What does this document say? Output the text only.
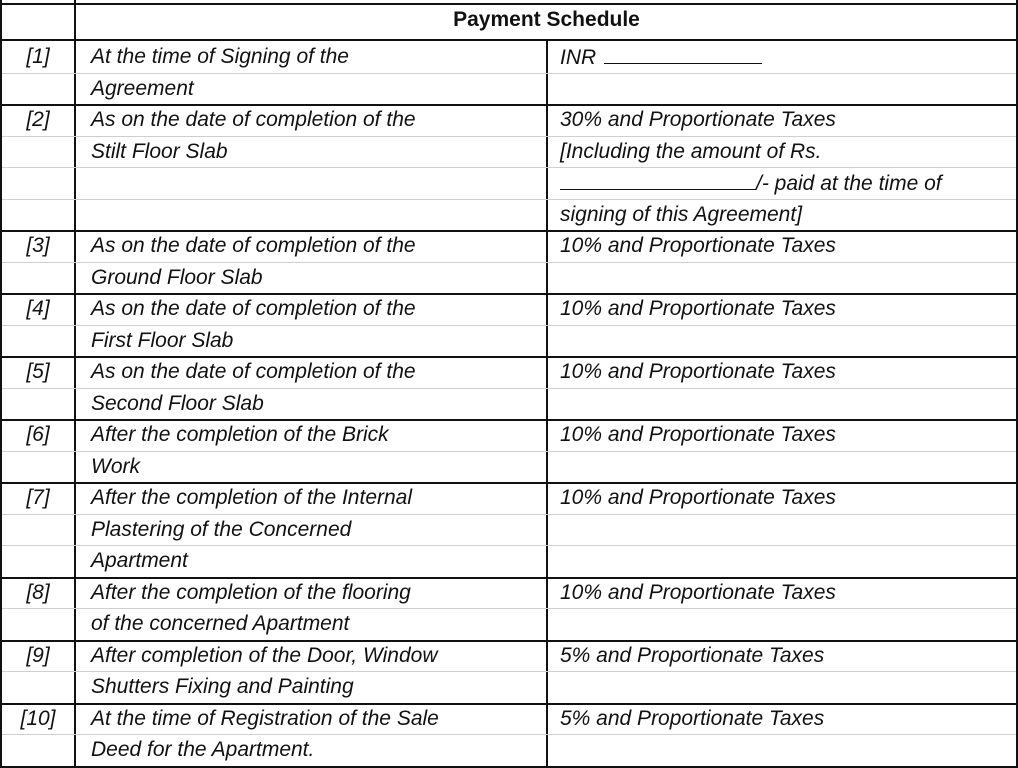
Payment Schedule
[1]	At the time of Signing of the
Agreement
INR
[2]	As on the date of completion of the
Stilt Floor Slab
30% and Proportionate Taxes
[Including the amount of Rs.
/- paid at the time of
signing of this Agreement]
[3]	As on the date of completion of the
Ground Floor Slab
10% and Proportionate Taxes
[4]	As on the date of completion of the
First Floor Slab
10% and Proportionate Taxes
[5]	As on the date of completion of the
Second Floor Slab
10% and Proportionate Taxes
[6]	After the completion of the Brick
Work
10% and Proportionate Taxes
[7]	After the completion of the Internal
Plastering of the Concerned
Apartment
10% and Proportionate Taxes
[8]	After the completion of the flooring
of the concerned Apartment
10% and Proportionate Taxes
[9]	After completion of the Door, Window
Shutters Fixing and Painting
5% and Proportionate Taxes
[10]	At the time of Registration of the Sale
Deed for the Apartment.
5% and Proportionate Taxes
